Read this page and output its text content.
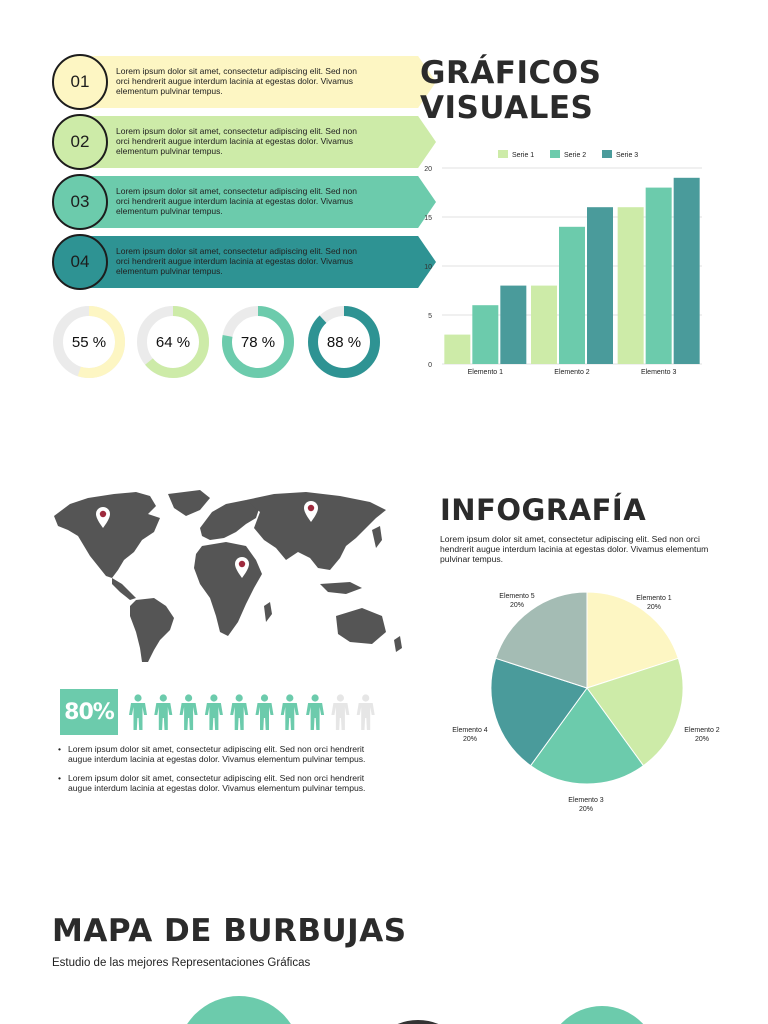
Lorem ipsum dolor sit amet, consectetur adipiscing elit. Sed non orci hendrerit augue interdum lacinia at egestas dolor. Vivamus elementum pulvinar tempus.
01
Lorem ipsum dolor sit amet, consectetur adipiscing elit. Sed non orci hendrerit augue interdum lacinia at egestas dolor. Vivamus elementum pulvinar tempus.
02
Lorem ipsum dolor sit amet, consectetur adipiscing elit. Sed non orci hendrerit augue interdum lacinia at egestas dolor. Vivamus elementum pulvinar tempus.
03
Lorem ipsum dolor sit amet, consectetur adipiscing elit. Sed non orci hendrerit augue interdum lacinia at egestas dolor. Vivamus elementum pulvinar tempus.
04
55 %	64 %	78 %	88 %
GRÁFICOS
VISUALES
0
5
10
15
20
Elemento 1	Elemento 2	Elemento 3
Serie 1	Serie 2	Serie 3
80%
• Lorem ipsum dolor sit amet, consectetur adipiscing elit. Sed non orci hendrerit augue interdum lacinia at egestas dolor. Vivamus elementum pulvinar tempus.
• Lorem ipsum dolor sit amet, consectetur adipiscing elit. Sed non orci hendrerit augue interdum lacinia at egestas dolor. Vivamus elementum pulvinar tempus.
INFOGRAFÍA
Lorem ipsum dolor sit amet, consectetur adipiscing elit. Sed non orci hendrerit augue interdum lacinia at egestas dolor. Vivamus elementum pulvinar tempus.
Elemento 1
20%
Elemento 2
20%
Elemento 3
20%
Elemento 4
20%
Elemento 5
20%
MAPA DE BURBUJAS
Estudio de las mejores Representaciones Gráficas
